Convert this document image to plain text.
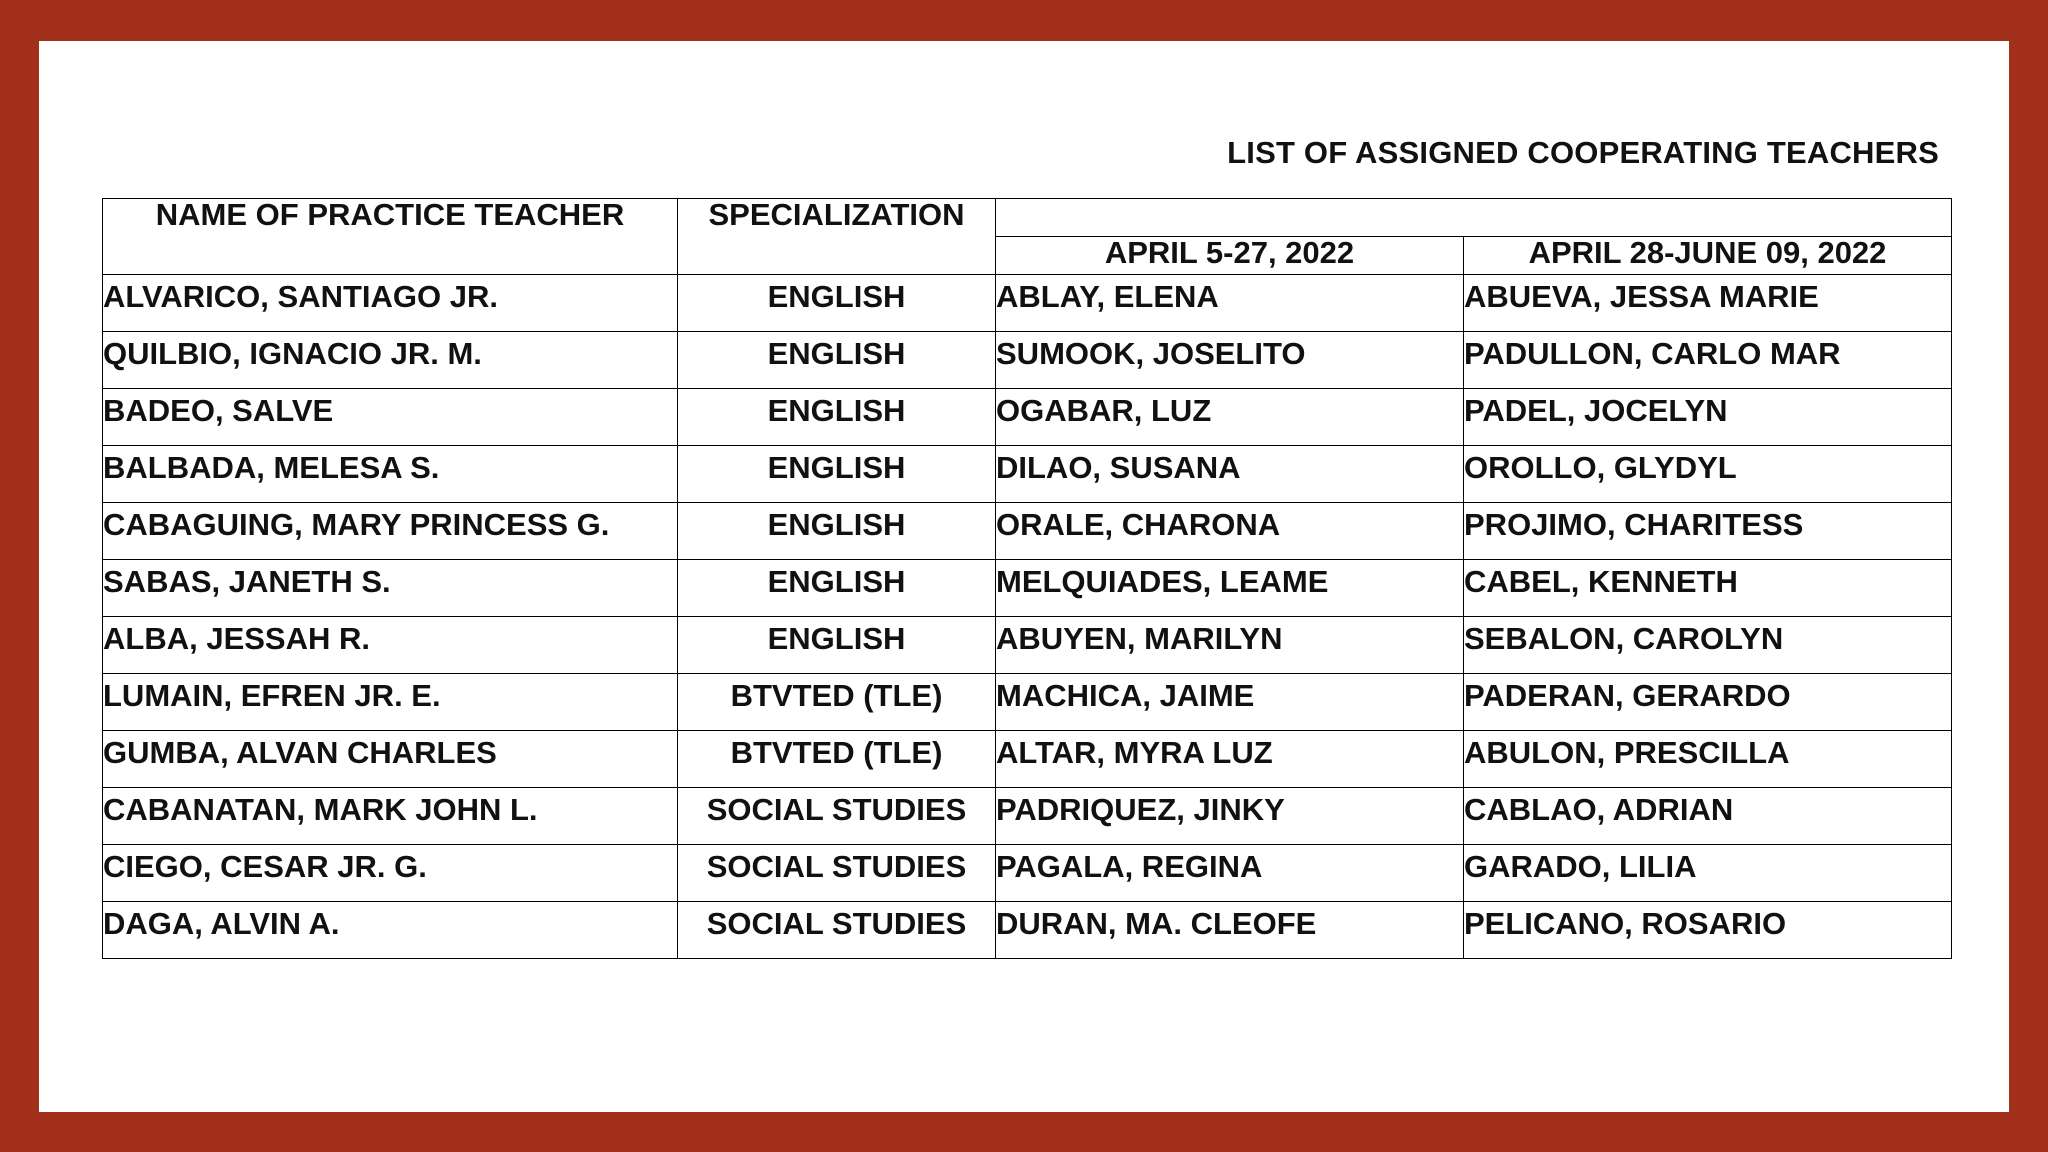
LIST OF ASSIGNED COOPERATING TEACHERS
NAME OF PRACTICE TEACHER	SPECIALIZATION		
		APRIL 5-27, 2022	APRIL 28-JUNE 09, 2022
ALVARICO, SANTIAGO JR.	ENGLISH	ABLAY, ELENA	ABUEVA, JESSA MARIE
QUILBIO, IGNACIO JR. M.	ENGLISH	SUMOOK, JOSELITO	PADULLON, CARLO MAR
BADEO, SALVE	ENGLISH	OGABAR, LUZ	PADEL, JOCELYN
BALBADA, MELESA S.	ENGLISH	DILAO, SUSANA	OROLLO, GLYDYL
CABAGUING, MARY PRINCESS G.	ENGLISH	ORALE, CHARONA	PROJIMO, CHARITESS
SABAS, JANETH S.	ENGLISH	MELQUIADES, LEAME	CABEL, KENNETH
ALBA, JESSAH R.	ENGLISH	ABUYEN, MARILYN	SEBALON, CAROLYN
LUMAIN, EFREN JR. E.	BTVTED (TLE)	MACHICA, JAIME	PADERAN, GERARDO
GUMBA, ALVAN CHARLES	BTVTED (TLE)	ALTAR, MYRA LUZ	ABULON, PRESCILLA
CABANATAN, MARK JOHN L.	SOCIAL STUDIES	PADRIQUEZ, JINKY	CABLAO, ADRIAN
CIEGO, CESAR JR. G.	SOCIAL STUDIES	PAGALA, REGINA	GARADO, LILIA
DAGA, ALVIN A.	SOCIAL STUDIES	DURAN, MA. CLEOFE	PELICANO, ROSARIO
